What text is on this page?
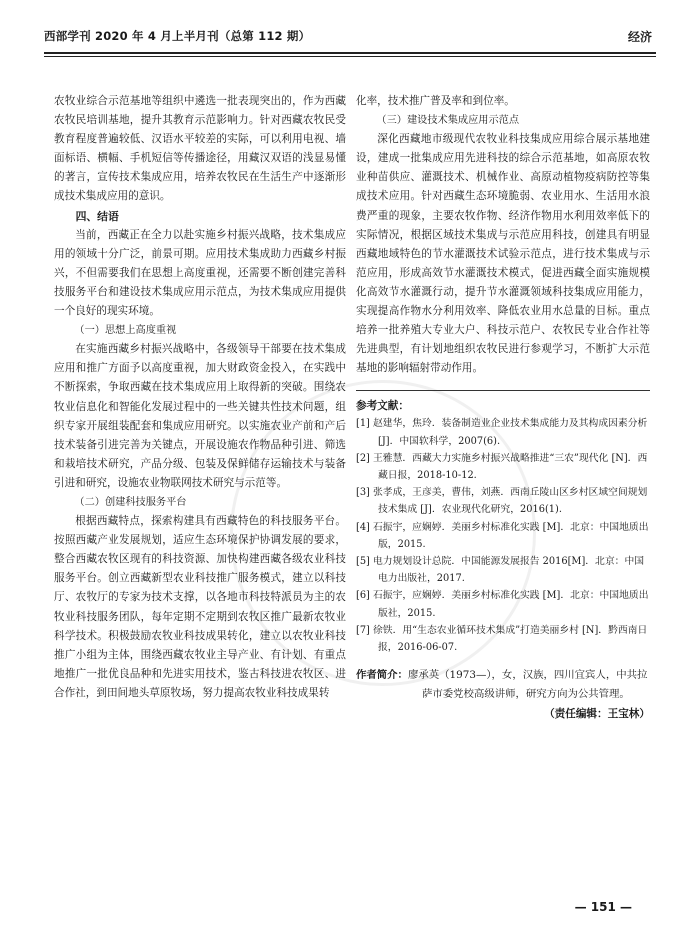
西部学刊 2020 年 4 月上半月刊（总第 112 期）	经济

农牧业综合示范基地等组织中遴选一批表现突出的，作为西藏农牧民培训基地，提升其教育示范影响力。针对西藏农牧民受教育程度普遍较低、汉语水平较差的实际，可以利用电视、墙面标语、横幅、手机短信等传播途径，用藏汉双语的浅显易懂的著言，宣传技术集成应用，培养农牧民在生活生产中逐渐形成技术集成应用的意识。

四、结语

当前，西藏正在全力以赴实施乡村振兴战略，技术集成应用的领域十分广泛，前景可期。应用技术集成助力西藏乡村振兴，不但需要我们在思想上高度重视，还需要不断创建完善科技服务平台和建设技术集成应用示范点，为技术集成应用提供一个良好的现实环境。

（一）思想上高度重视

在实施西藏乡村振兴战略中，各级领导干部要在技术集成应用和推广方面予以高度重视，加大财政资金投入，在实践中不断探索，争取西藏在技术集成应用上取得新的突破。围绕农牧业信息化和智能化发展过程中的一些关键共性技术问题，组织专家开展组装配套和集成应用研究。以实施农业产前和产后技术装备引进完善为关键点，开展设施农作物品种引进、筛选和栽培技术研究，产品分级、包装及保鲜储存运输技术与装备引进和研究，设施农业物联网技术研究与示范等。

（二）创建科技服务平台

根据西藏特点，探索构建具有西藏特色的科技服务平台。按照西藏产业发展规划，适应生态环境保护协调发展的要求，整合西藏农牧区现有的科技资源、加快构建西藏各级农业科技服务平台。创立西藏新型农业科技推广服务模式，建立以科技厅、农牧厅的专家为技术支撑，以各地市科技特派员为主的农牧业科技服务团队，每年定期不定期到农牧区推广最新农牧业科学技术。积极鼓励农牧业科技成果转化，建立以农牧业科技推广小组为主体，围绕西藏农牧业主导产业、有计划、有重点地推广一批优良品种和先进实用技术，鉴古科技进农牧区、进合作社，到田间地头草原牧场，努力提高农牧业科技成果转

化率，技术推广普及率和到位率。

（三）建设技术集成应用示范点

深化西藏地市级现代农牧业科技集成应用综合展示基地建设，建成一批集成应用先进科技的综合示范基地，如高原农牧业种苗供应、灌溉技术、机械作业、高原动植物疫病防控等集成技术应用。针对西藏生态环境脆弱、农业用水、生活用水浪费严重的现象，主要农牧作物、经济作物用水利用效率低下的实际情况，根据区域技术集成与示范应用科技，创建具有明显西藏地域特色的节水灌溉技术试验示范点，进行技术集成与示范应用，形成高效节水灌溉技术模式，促进西藏全面实施规模化高效节水灌溉行动，提升节水灌溉领域科技集成应用能力，实现提高作物水分利用效率、降低农业用水总量的目标。重点培养一批养殖大专业大户、科技示范户、农牧民专业合作社等先进典型，有计划地组织农牧民进行参观学习，不断扩大示范基地的影响辐射带动作用。

参考文献：
[1] 赵建华，焦玲．装备制造业企业技术集成能力及其构成因素分析 [J]．中国软科学，2007(6).
[2] 王雅慧．西藏大力实施乡村振兴战略推进“三农”现代化 [N]．西藏日报，2018-10-12.
[3] 张孝成，王彦美，曹伟，刘燕．西南丘陵山区乡村区域空间规划技术集成 [J]．农业现代化研究，2016(1).
[4] 石振宇，应娴婷．美丽乡村标准化实践 [M]．北京：中国地质出版，2015.
[5] 电力规划设计总院．中国能源发展报告 2016[M]．北京：中国电力出版社，2017.
[6] 石振宇，应娴婷．美丽乡村标准化实践 [M]．北京：中国地质出版社，2015.
[7] 徐铁．用“生态农业循环技术集成”打造美丽乡村 [N]．黔西南日报，2016-06-07.
作者简介：廖承英（1973—），女，汉族，四川宜宾人，中共拉萨市委党校高级讲师，研究方向为公共管理。
（责任编辑：王宝林）
— 151 —
